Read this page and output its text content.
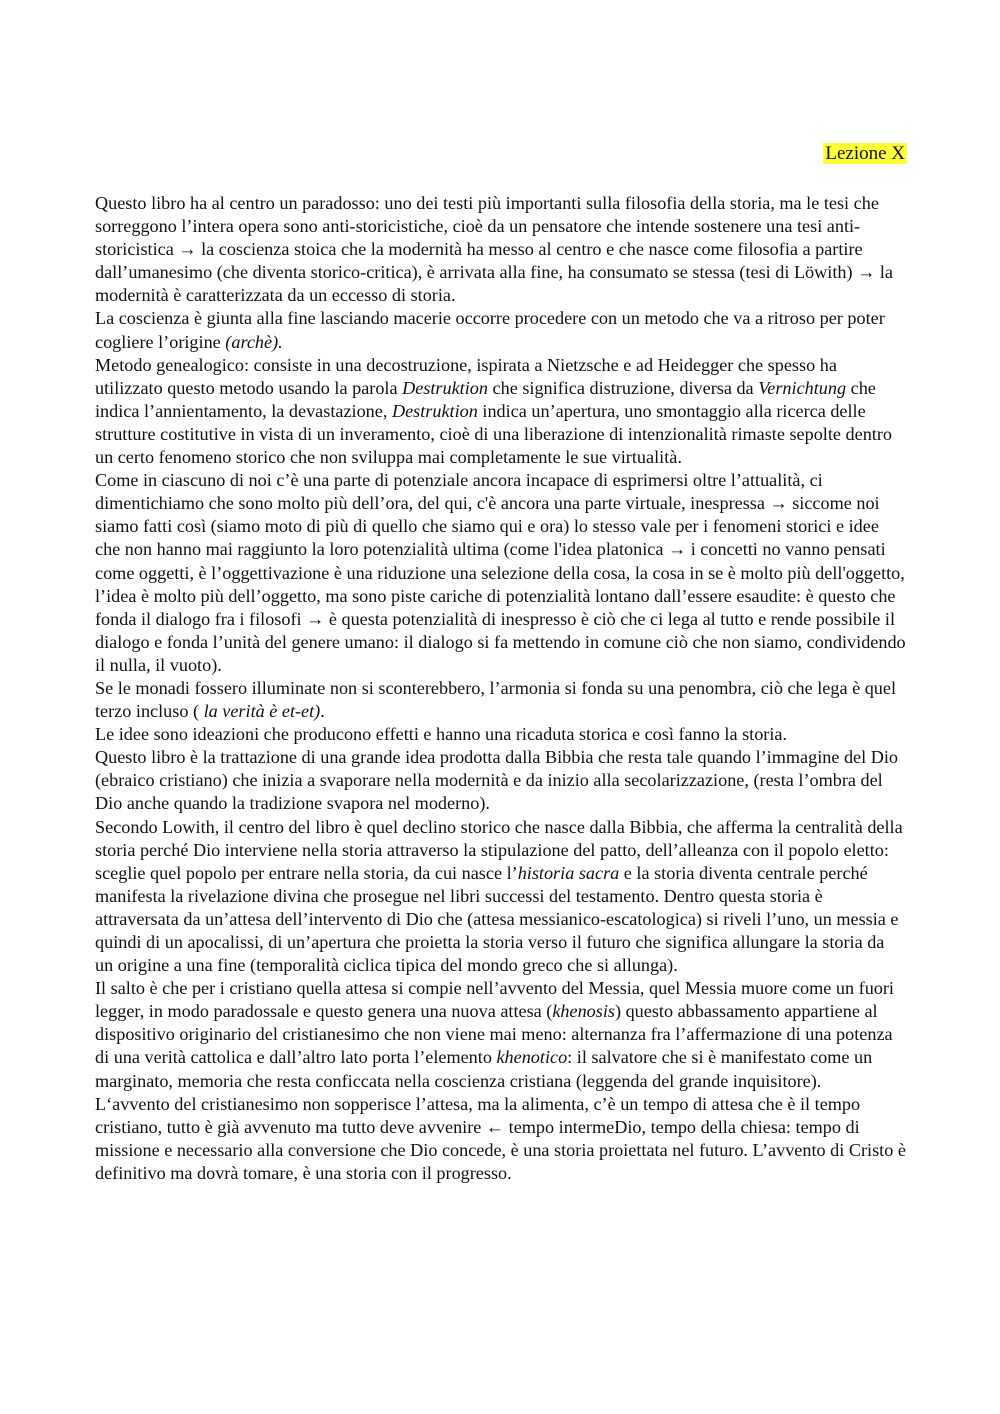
Lezione X

Questo libro ha al centro un paradosso: uno dei testi più importanti sulla filosofia della storia, ma le tesi che sorreggono l’intera opera sono anti-storicistiche, cioè da un pensatore che intende sostenere una tesi anti-storicistica → la coscienza stoica che la modernità ha messo al centro e che nasce come filosofia a partire dall’umanesimo (che diventa storico-critica), è arrivata alla fine, ha consumato se stessa (tesi di Löwith) → la modernità è caratterizzata da un eccesso di storia.

La coscienza è giunta alla fine lasciando macerie occorre procedere con un metodo che va a ritroso per poter cogliere l’origine (archè).

Metodo genealogico: consiste in una decostruzione, ispirata a Nietzsche e ad Heidegger che spesso ha utilizzato questo metodo usando la parola Destruktion che significa distruzione, diversa da Vernichtung che indica l’annientamento, la devastazione, Destruktion indica un’apertura, uno smontaggio alla ricerca delle strutture costitutive in vista di un inveramento, cioè di una liberazione di intenzionalità rimaste sepolte dentro un certo fenomeno storico che non sviluppa mai completamente le sue virtualità.

Come in ciascuno di noi c’è una parte di potenziale ancora incapace di esprimersi oltre l’attualità, ci dimentichiamo che sono molto più dell’ora, del qui, c'è ancora una parte virtuale, inespressa → siccome noi siamo fatti così (siamo moto di più di quello che siamo qui e ora) lo stesso vale per i fenomeni storici e idee che non hanno mai raggiunto la loro potenzialità ultima (come l'idea platonica → i concetti no vanno pensati come oggetti, è l’oggettivazione è una riduzione una selezione della cosa, la cosa in se è molto più dell'oggetto, l’idea è molto più dell’oggetto, ma sono piste cariche di potenzialità lontano dall’essere esaudite: è questo che fonda il dialogo fra i filosofi → è questa potenzialità di inespresso è ciò che ci lega al tutto e rende possibile il dialogo e fonda l’unità del genere umano: il dialogo si fa mettendo in comune ciò che non siamo, condividendo il nulla, il vuoto).

Se le monadi fossero illuminate non si sconterebbero, l’armonia si fonda su una penombra, ciò che lega è quel terzo incluso ( la verità è et-et).

Le idee sono ideazioni che producono effetti e hanno una ricaduta storica e così fanno la storia.

Questo libro è la trattazione di una grande idea prodotta dalla Bibbia che resta tale quando l’immagine del Dio (ebraico cristiano) che inizia a svaporare nella modernità e da inizio alla secolarizzazione, (resta l’ombra del Dio anche quando la tradizione svapora nel moderno).

Secondo Lowith, il centro del libro è quel declino storico che nasce dalla Bibbia, che afferma la centralità della storia perché Dio interviene nella storia attraverso la stipulazione del patto, dell’alleanza con il popolo eletto: sceglie quel popolo per entrare nella storia, da cui nasce l’historia sacra e la storia diventa centrale perché manifesta la rivelazione divina che prosegue nel libri successi del testamento. Dentro questa storia è attraversata da un’attesa dell’intervento di Dio che (attesa messianico-escatologica) si riveli l’uno, un messia e quindi di un apocalissi, di un’apertura che proietta la storia verso il futuro che significa allungare la storia da un origine a una fine (temporalità ciclica tipica del mondo greco che si allunga).

Il salto è che per i cristiano quella attesa si compie nell’avvento del Messia, quel Messia muore come un fuori legger, in modo paradossale e questo genera una nuova attesa (khenosis) questo abbassamento appartiene al dispositivo originario del cristianesimo che non viene mai meno: alternanza fra l’affermazione di una potenza di una verità cattolica e dall’altro lato porta l’elemento khenotico: il salvatore che si è manifestato come un marginato, memoria che resta conficcata nella coscienza cristiana (leggenda del grande inquisitore).

L‘avvento del cristianesimo non sopperisce l’attesa, ma la alimenta, c’è un tempo di attesa che è il tempo cristiano, tutto è già avvenuto ma tutto deve avvenire ← tempo intermeDio, tempo della chiesa: tempo di missione e necessario alla conversione che Dio concede, è una storia proiettata nel futuro. L’avvento di Cristo è definitivo ma dovrà tomare, è una storia con il progresso.
